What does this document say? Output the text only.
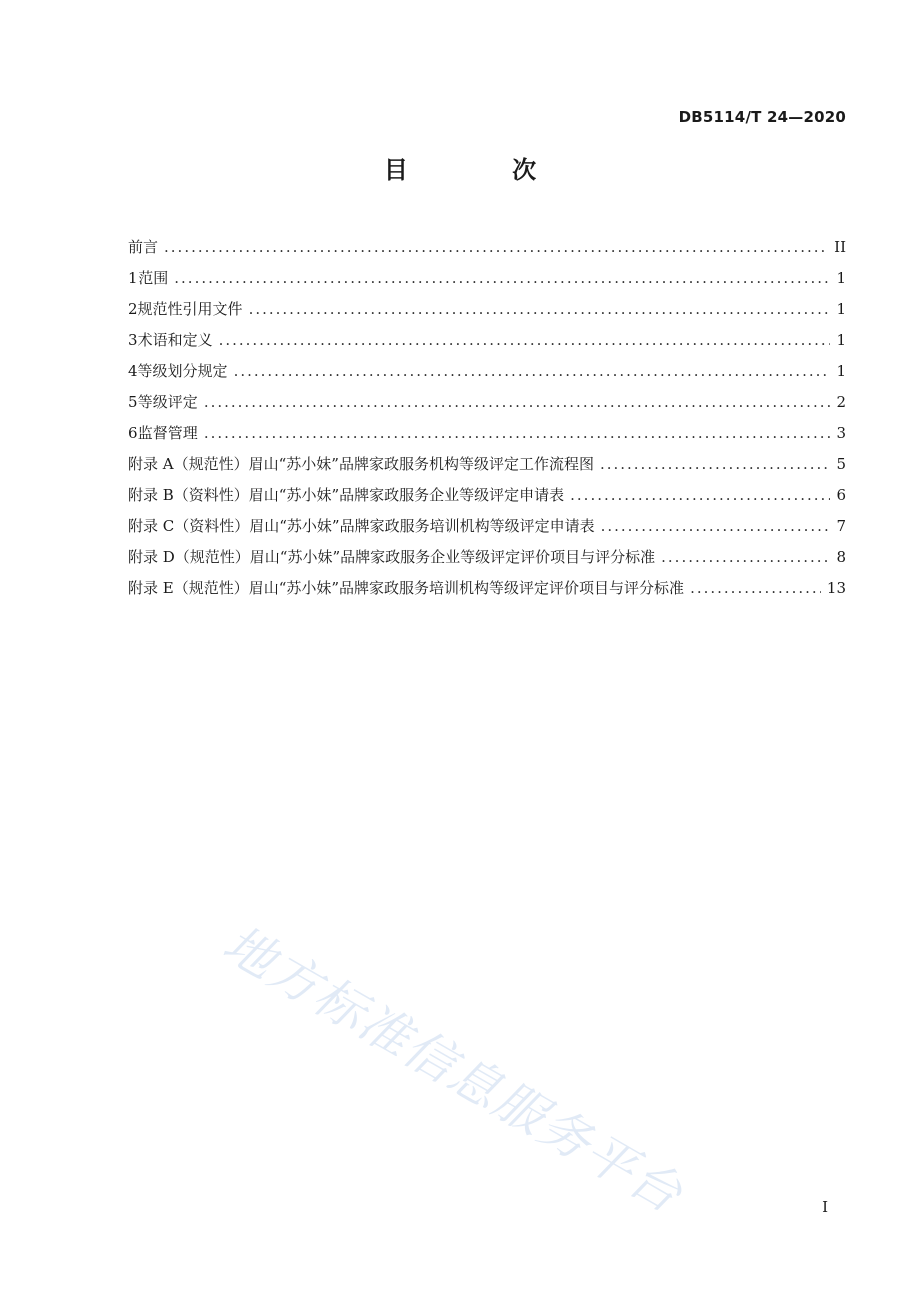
DB5114/T 24—2020
目 次
前言 .....	II
1 范围 .....	1
2 规范性引用文件 .....	1
3 术语和定义 .....	1
4 等级划分规定 .....	1
5 等级评定 .....	2
6 监督管理 .....	3
附录 A（规范性） 眉山“苏小妹”品牌家政服务机构等级评定工作流程图 .....	5
附录 B（资料性） 眉山“苏小妹”品牌家政服务企业等级评定申请表 .....	6
附录 C（资料性） 眉山“苏小妹”品牌家政服务培训机构等级评定申请表 .....	7
附录 D（规范性） 眉山“苏小妹”品牌家政服务企业等级评定评价项目与评分标准 .....	8
附录 E（规范性） 眉山“苏小妹”品牌家政服务培训机构等级评定评价项目与评分标准 .....	13
地方标准信息服务平台	I
